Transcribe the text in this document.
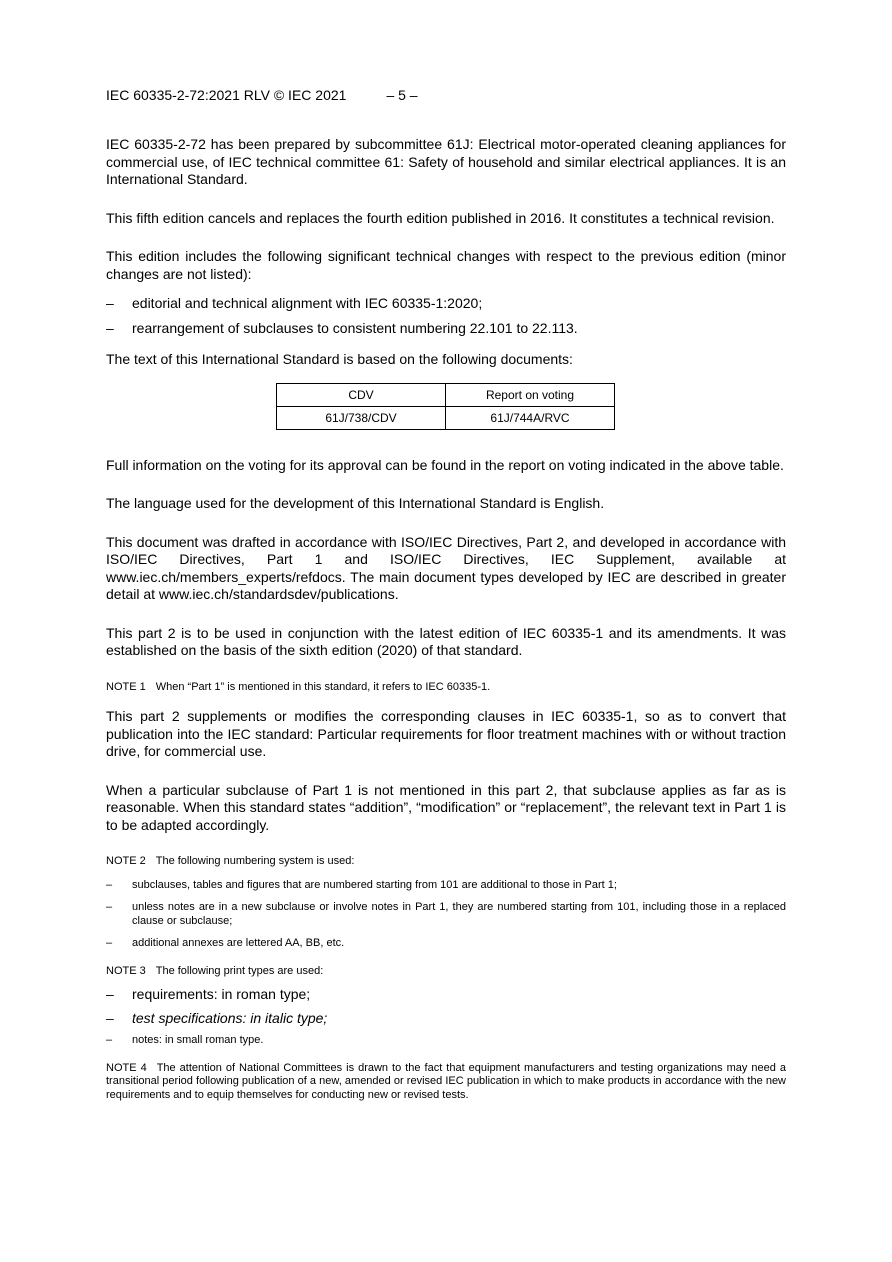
IEC 60335-2-72:2021 RLV © IEC 2021	– 5 –

IEC 60335-2-72 has been prepared by subcommittee 61J: Electrical motor-operated cleaning appliances for commercial use, of IEC technical committee 61: Safety of household and similar electrical appliances. It is an International Standard.

This fifth edition cancels and replaces the fourth edition published in 2016. It constitutes a technical revision.

This edition includes the following significant technical changes with respect to the previous edition (minor changes are not listed):

– editorial and technical alignment with IEC 60335-1:2020;
– rearrangement of subclauses to consistent numbering 22.101 to 22.113.

The text of this International Standard is based on the following documents:

CDV	Report on voting
61J/738/CDV	61J/744A/RVC

Full information on the voting for its approval can be found in the report on voting indicated in the above table.

The language used for the development of this International Standard is English.

This document was drafted in accordance with ISO/IEC Directives, Part 2, and developed in accordance with ISO/IEC Directives, Part 1 and ISO/IEC Directives, IEC Supplement, available at www.iec.ch/members_experts/refdocs. The main document types developed by IEC are described in greater detail at www.iec.ch/standardsdev/publications.

This part 2 is to be used in conjunction with the latest edition of IEC 60335-1 and its amendments. It was established on the basis of the sixth edition (2020) of that standard.

NOTE 1 When “Part 1” is mentioned in this standard, it refers to IEC 60335-1.

This part 2 supplements or modifies the corresponding clauses in IEC 60335-1, so as to convert that publication into the IEC standard: Particular requirements for floor treatment machines with or without traction drive, for commercial use.

When a particular subclause of Part 1 is not mentioned in this part 2, that subclause applies as far as is reasonable. When this standard states “addition”, “modification” or “replacement”, the relevant text in Part 1 is to be adapted accordingly.

NOTE 2 The following numbering system is used:
– subclauses, tables and figures that are numbered starting from 101 are additional to those in Part 1;
– unless notes are in a new subclause or involve notes in Part 1, they are numbered starting from 101, including those in a replaced clause or subclause;
– additional annexes are lettered AA, BB, etc.
NOTE 3 The following print types are used:
– requirements: in roman type;
– test specifications: in italic type;
– notes: in small roman type.
NOTE 4 The attention of National Committees is drawn to the fact that equipment manufacturers and testing organizations may need a transitional period following publication of a new, amended or revised IEC publication in which to make products in accordance with the new requirements and to equip themselves for conducting new or revised tests.
